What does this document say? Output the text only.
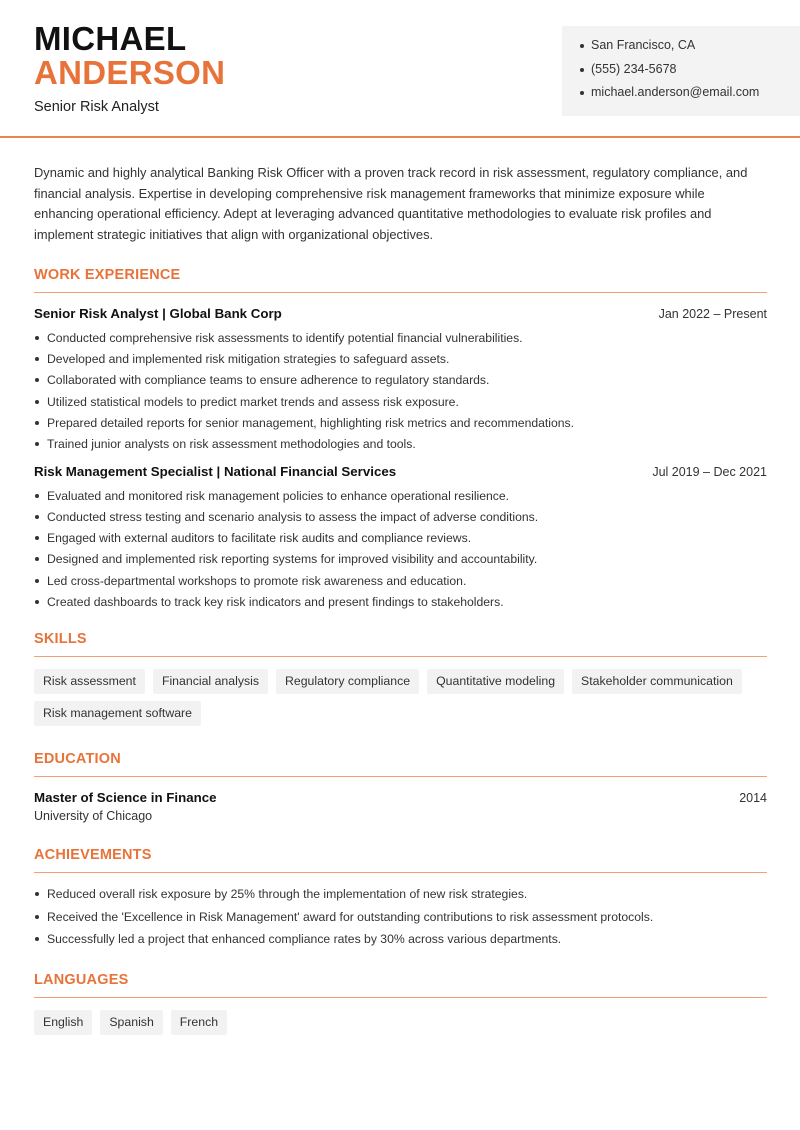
MICHAEL
ANDERSON
Senior Risk Analyst
San Francisco, CA
(555) 234-5678
michael.anderson@email.com
Dynamic and highly analytical Banking Risk Officer with a proven track record in risk assessment, regulatory compliance, and financial analysis. Expertise in developing comprehensive risk management frameworks that minimize exposure while enhancing operational efficiency. Adept at leveraging advanced quantitative methodologies to evaluate risk profiles and implement strategic initiatives that align with organizational objectives.
WORK EXPERIENCE
Senior Risk Analyst | Global Bank Corp	Jan 2022 – Present
Conducted comprehensive risk assessments to identify potential financial vulnerabilities.
Developed and implemented risk mitigation strategies to safeguard assets.
Collaborated with compliance teams to ensure adherence to regulatory standards.
Utilized statistical models to predict market trends and assess risk exposure.
Prepared detailed reports for senior management, highlighting risk metrics and recommendations.
Trained junior analysts on risk assessment methodologies and tools.
Risk Management Specialist | National Financial Services	Jul 2019 – Dec 2021
Evaluated and monitored risk management policies to enhance operational resilience.
Conducted stress testing and scenario analysis to assess the impact of adverse conditions.
Engaged with external auditors to facilitate risk audits and compliance reviews.
Designed and implemented risk reporting systems for improved visibility and accountability.
Led cross-departmental workshops to promote risk awareness and education.
Created dashboards to track key risk indicators and present findings to stakeholders.
SKILLS
Risk assessment	Financial analysis	Regulatory compliance	Quantitative modeling	Stakeholder communication
Risk management software
EDUCATION
Master of Science in Finance	2014
University of Chicago
ACHIEVEMENTS
Reduced overall risk exposure by 25% through the implementation of new risk strategies.
Received the 'Excellence in Risk Management' award for outstanding contributions to risk assessment protocols.
Successfully led a project that enhanced compliance rates by 30% across various departments.
LANGUAGES
English	Spanish	French
